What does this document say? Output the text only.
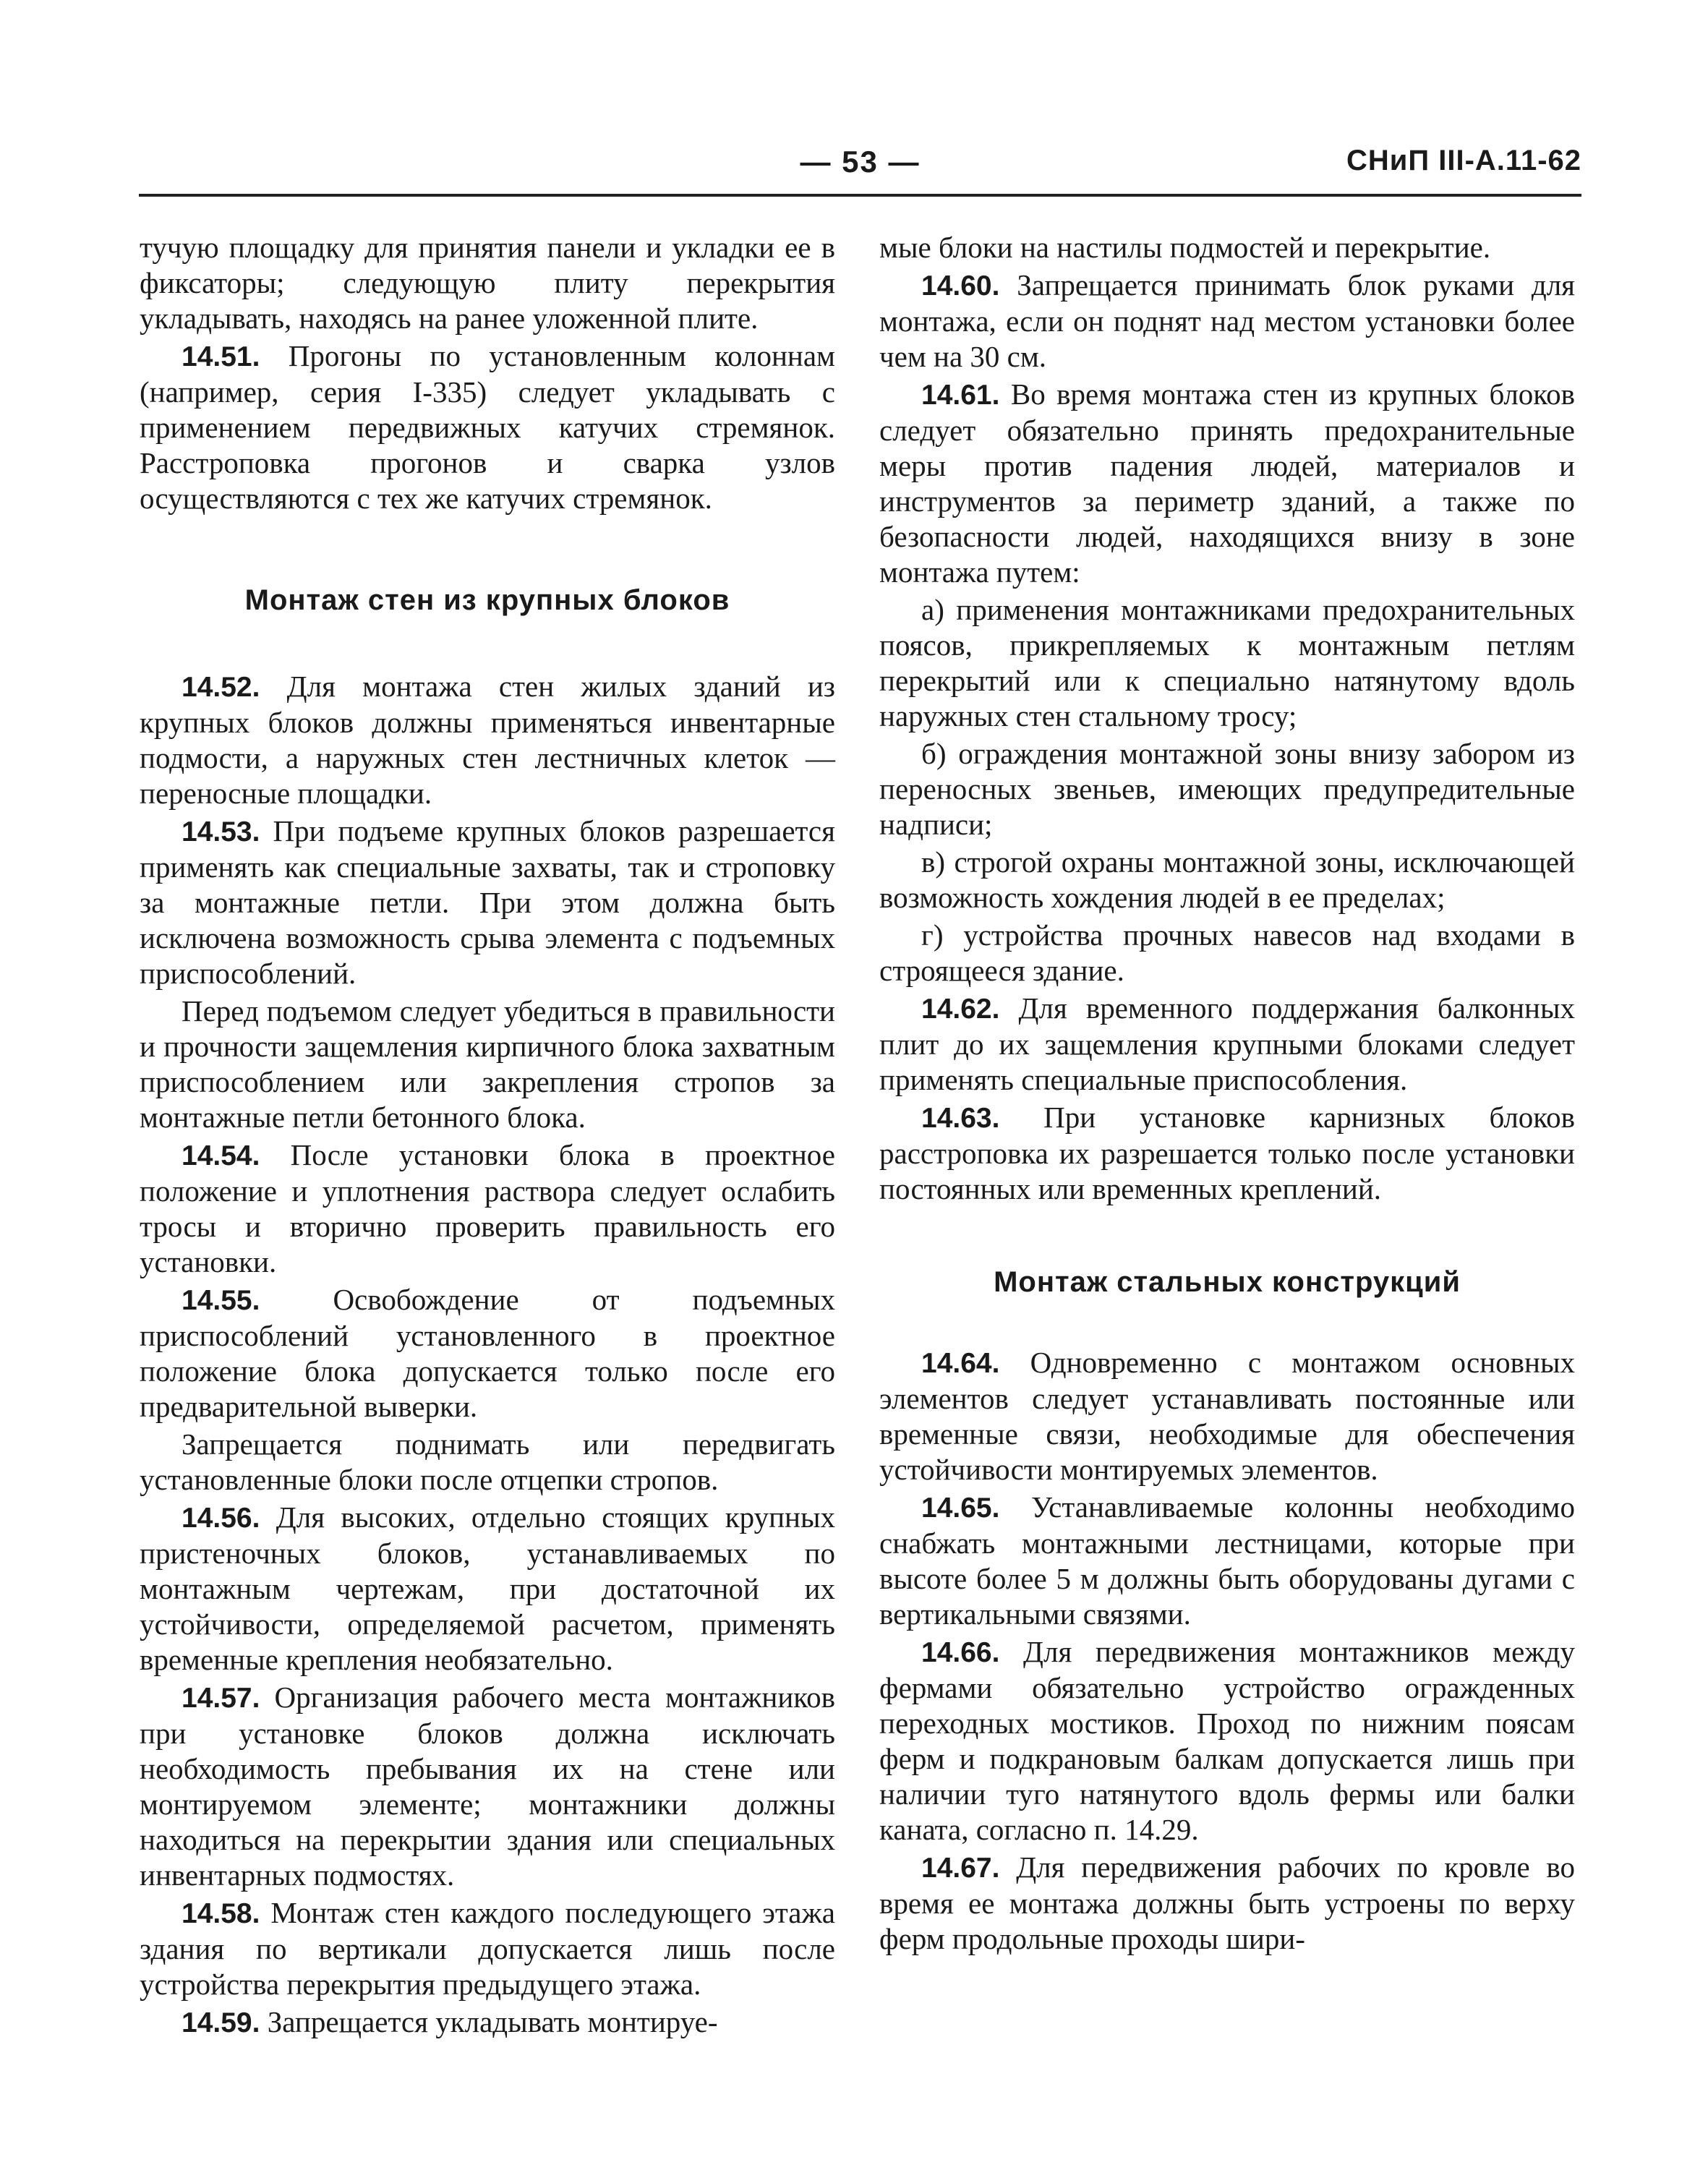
— 53 —	СНиП III-А.11-62

тучую площадку для принятия панели и укладки ее в фиксаторы; следующую плиту перекрытия укладывать, находясь на ранее уложенной плите.

14.51. Прогоны по установленным колоннам (например, серия I-335) следует укладывать с применением передвижных катучих стремянок. Расстроповка прогонов и сварка узлов осуществляются с тех же катучих стремянок.

Монтаж стен из крупных блоков

14.52. Для монтажа стен жилых зданий из крупных блоков должны применяться инвентарные подмости, а наружных стен лестничных клеток — переносные площадки.

14.53. При подъеме крупных блоков разрешается применять как специальные захваты, так и строповку за монтажные петли. При этом должна быть исключена возможность срыва элемента с подъемных приспособлений.

Перед подъемом следует убедиться в правильности и прочности защемления кирпичного блока захватным приспособлением или закрепления стропов за монтажные петли бетонного блока.

14.54. После установки блока в проектное положение и уплотнения раствора следует ослабить тросы и вторично проверить правильность его установки.

14.55. Освобождение от подъемных приспособлений установленного в проектное положение блока допускается только после его предварительной выверки.

Запрещается поднимать или передвигать установленные блоки после отцепки стропов.

14.56. Для высоких, отдельно стоящих крупных пристеночных блоков, устанавливаемых по монтажным чертежам, при достаточной их устойчивости, определяемой расчетом, применять временные крепления необязательно.

14.57. Организация рабочего места монтажников при установке блоков должна исключать необходимость пребывания их на стене или монтируемом элементе; монтажники должны находиться на перекрытии здания или специальных инвентарных подмостях.

14.58. Монтаж стен каждого последующего этажа здания по вертикали допускается лишь после устройства перекрытия предыдущего этажа.

14.59. Запрещается укладывать монтируе-

мые блоки на настилы подмостей и перекрытие.

14.60. Запрещается принимать блок руками для монтажа, если он поднят над местом установки более чем на 30 см.

14.61. Во время монтажа стен из крупных блоков следует обязательно принять предохранительные меры против падения людей, материалов и инструментов за периметр зданий, а также по безопасности людей, находящихся внизу в зоне монтажа путем:

а) применения монтажниками предохранительных поясов, прикрепляемых к монтажным петлям перекрытий или к специально натянутому вдоль наружных стен стальному тросу;

б) ограждения монтажной зоны внизу забором из переносных звеньев, имеющих предупредительные надписи;

в) строгой охраны монтажной зоны, исключающей возможность хождения людей в ее пределах;

г) устройства прочных навесов над входами в строящееся здание.

14.62. Для временного поддержания балконных плит до их защемления крупными блоками следует применять специальные приспособления.

14.63. При установке карнизных блоков расстроповка их разрешается только после установки постоянных или временных креплений.

Монтаж стальных конструкций

14.64. Одновременно с монтажом основных элементов следует устанавливать постоянные или временные связи, необходимые для обеспечения устойчивости монтируемых элементов.

14.65. Устанавливаемые колонны необходимо снабжать монтажными лестницами, которые при высоте более 5 м должны быть оборудованы дугами с вертикальными связями.

14.66. Для передвижения монтажников между фермами обязательно устройство огражденных переходных мостиков. Проход по нижним поясам ферм и подкрановым балкам допускается лишь при наличии туго натянутого вдоль фермы или балки каната, согласно п. 14.29.

14.67. Для передвижения рабочих по кровле во время ее монтажа должны быть устроены по верху ферм продольные проходы шири-
